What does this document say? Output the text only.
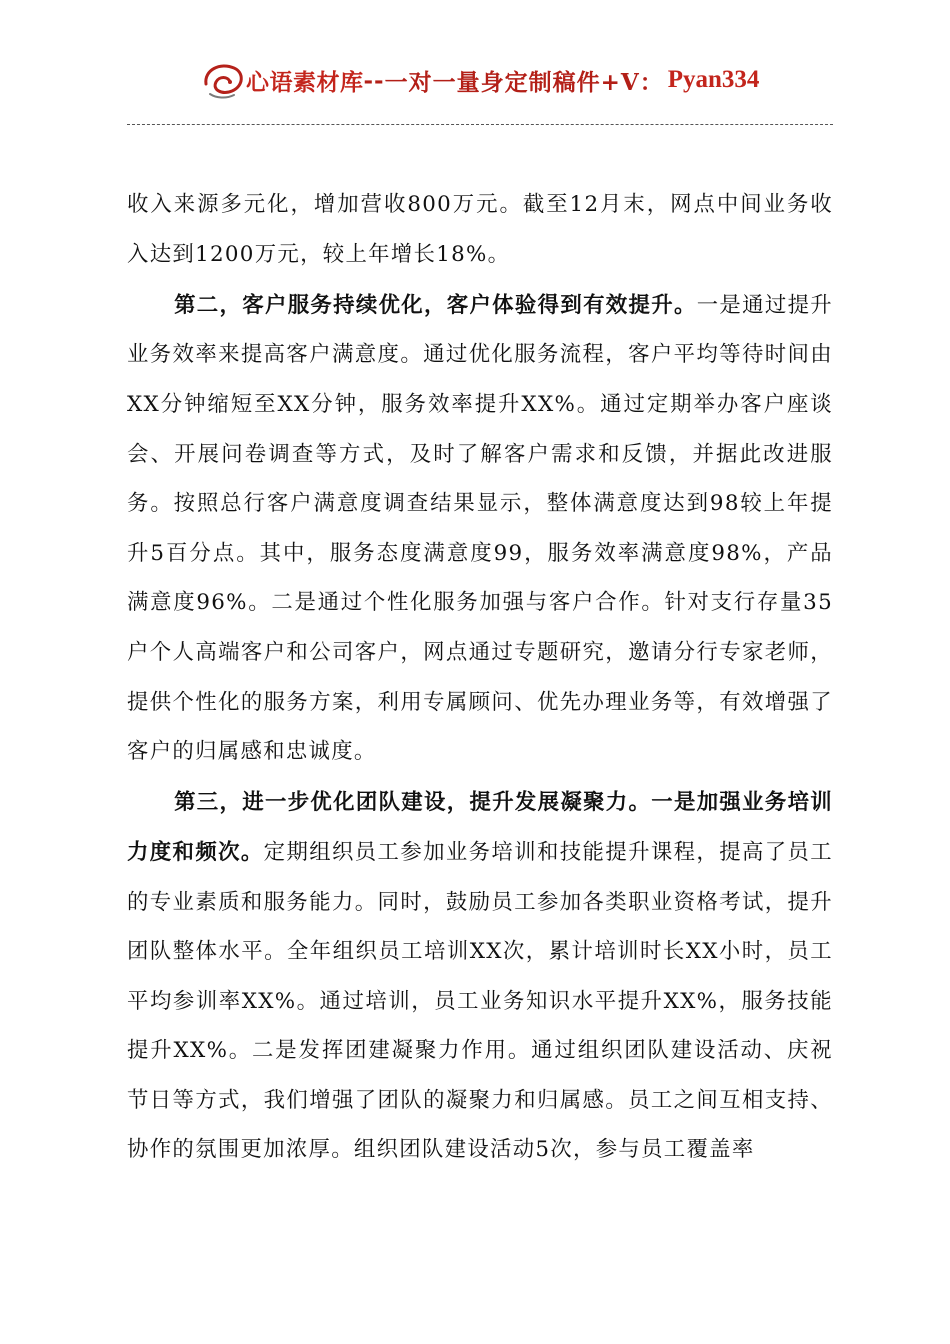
心语素材库 -- 一对一量身定制稿件 +V： Pyan334

收入来源多元化，增加营收800万元。截至12月末，网点中间业务收入达到1200万元，较上年增长18%。

第二，客户服务持续优化，客户体验得到有效提升。一是通过提升业务效率来提高客户满意度。通过优化服务流程，客户平均等待时间由XX分钟缩短至XX分钟，服务效率提升XX%。通过定期举办客户座谈会、开展问卷调查等方式，及时了解客户需求和反馈，并据此改进服务。按照总行客户满意度调查结果显示，整体满意度达到98较上年提升5百分点。其中，服务态度满意度99，服务效率满意度98%，产品满意度96%。二是通过个性化服务加强与客户合作。针对支行存量35户个人高端客户和公司客户，网点通过专题研究，邀请分行专家老师，提供个性化的服务方案，利用专属顾问、优先办理业务等，有效增强了客户的归属感和忠诚度。

第三，进一步优化团队建设，提升发展凝聚力。一是加强业务培训力度和频次。定期组织员工参加业务培训和技能提升课程，提高了员工的专业素质和服务能力。同时，鼓励员工参加各类职业资格考试，提升团队整体水平。全年组织员工培训XX次，累计培训时长XX小时，员工平均参训率XX%。通过培训，员工业务知识水平提升XX%，服务技能提升XX%。二是发挥团建凝聚力作用。通过组织团队建设活动、庆祝节日等方式，我们增强了团队的凝聚力和归属感。员工之间互相支持、协作的氛围更加浓厚。组织团队建设活动5次，参与员工覆盖率
